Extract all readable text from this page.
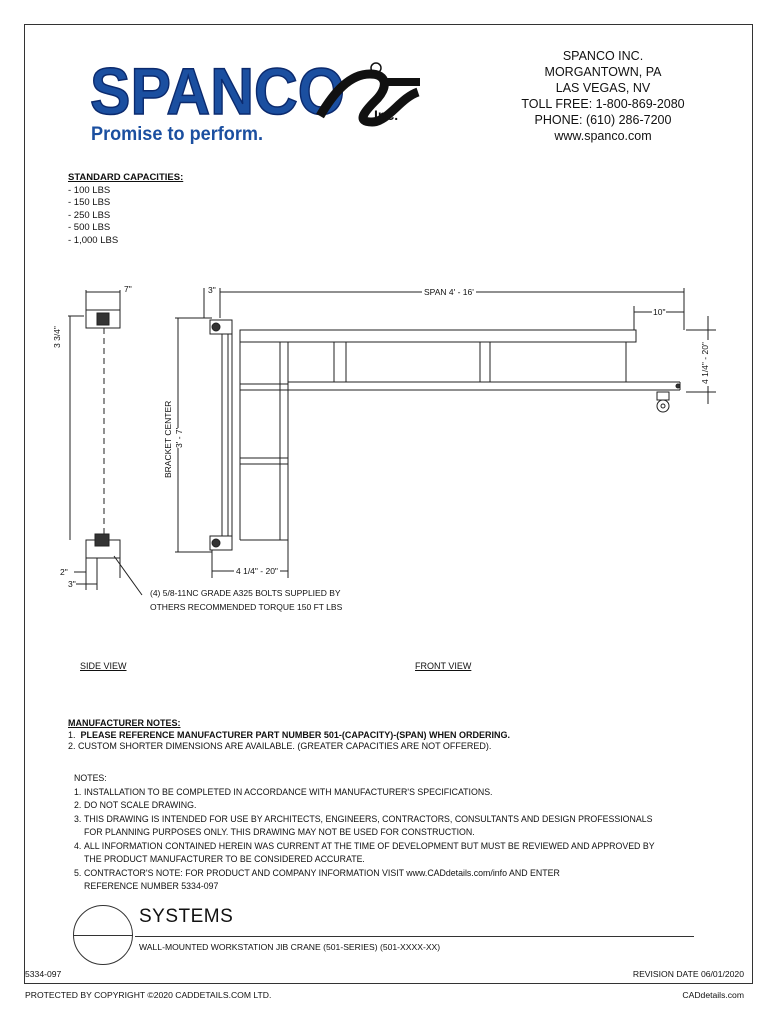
SPANCO Inc.
Promise to perform.
SPANCO INC.
MORGANTOWN, PA
LAS VEGAS, NV
TOLL FREE: 1-800-869-2080
PHONE: (610) 286-7200
www.spanco.com
STANDARD CAPACITIES:
- 100 LBS
- 150 LBS
- 250 LBS
- 500 LBS
- 1,000 LBS
7"
3 3/4"
2"
3"
(4) 5/8-11NC GRADE A325 BOLTS SUPPLIED BY
OTHERS RECOMMENDED TORQUE 150 FT LBS
SIDE VIEW
3"	SPAN 4' - 16'
10"
4 1/4" - 20"
BRACKET CENTER 3' - 7'
4 1/4" - 20"
FRONT VIEW
MANUFACTURER NOTES:
1. PLEASE REFERENCE MANUFACTURER PART NUMBER 501-(CAPACITY)-(SPAN) WHEN ORDERING.
2. CUSTOM SHORTER DIMENSIONS ARE AVAILABLE. (GREATER CAPACITIES ARE NOT OFFERED).
NOTES:
1. INSTALLATION TO BE COMPLETED IN ACCORDANCE WITH MANUFACTURER'S SPECIFICATIONS.
2. DO NOT SCALE DRAWING.
3. THIS DRAWING IS INTENDED FOR USE BY ARCHITECTS, ENGINEERS, CONTRACTORS, CONSULTANTS AND DESIGN PROFESSIONALS
FOR PLANNING PURPOSES ONLY. THIS DRAWING MAY NOT BE USED FOR CONSTRUCTION.
4. ALL INFORMATION CONTAINED HEREIN WAS CURRENT AT THE TIME OF DEVELOPMENT BUT MUST BE REVIEWED AND APPROVED BY
THE PRODUCT MANUFACTURER TO BE CONSIDERED ACCURATE.
5. CONTRACTOR'S NOTE: FOR PRODUCT AND COMPANY INFORMATION VISIT www.CADdetails.com/info AND ENTER
REFERENCE NUMBER 5334-097
SYSTEMS
WALL-MOUNTED WORKSTATION JIB CRANE (501-SERIES) (501-XXXX-XX)
5334-097	REVISION DATE 06/01/2020
PROTECTED BY COPYRIGHT ©2020 CADDETAILS.COM LTD.	CADdetails.com
